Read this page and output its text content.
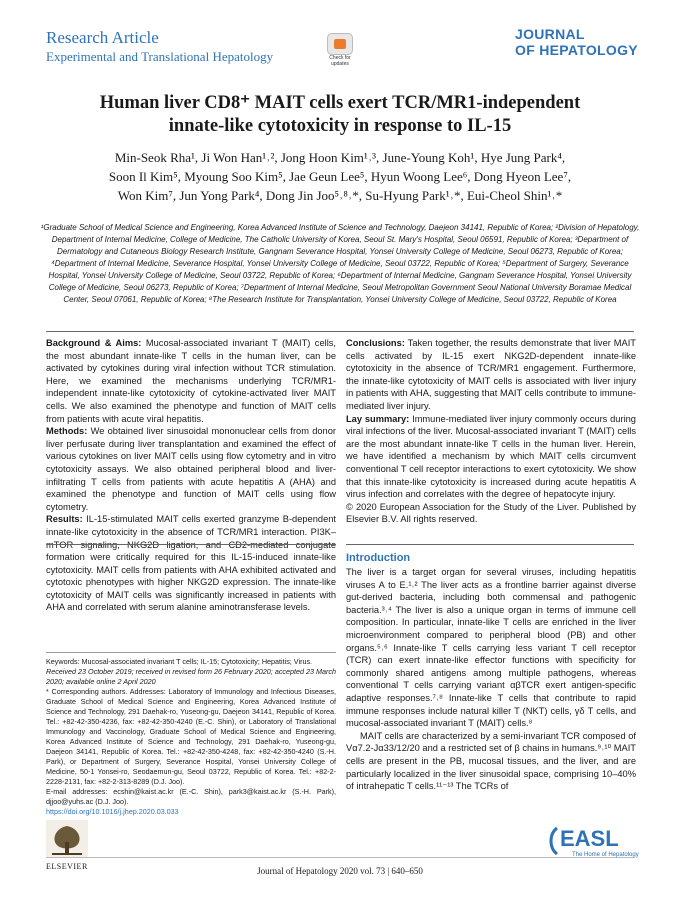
Research Article
Experimental and Translational Hepatology	Check for
updates
JOURNAL
OF HEPATOLOGY
Human liver CD8⁺ MAIT cells exert TCR/MR1-independent
innate-like cytotoxicity in response to IL-15
Min-Seok Rha¹, Ji Won Han¹˒², Jong Hoon Kim¹˒³, June-Young Koh¹, Hye Jung Park⁴,
Soon Il Kim⁵, Myoung Soo Kim⁵, Jae Geun Lee⁵, Hyun Woong Lee⁶, Dong Hyeon Lee⁷,
Won Kim⁷, Jun Yong Park⁴, Dong Jin Joo⁵˒⁸˒*, Su-Hyung Park¹˒*, Eui-Cheol Shin¹˒*
¹Graduate School of Medical Science and Engineering, Korea Advanced Institute of Science and Technology, Daejeon 34141, Republic of Korea; ²Division of Hepatology, Department of Internal Medicine, College of Medicine, The Catholic University of Korea, Seoul St. Mary's Hospital, Seoul 06591, Republic of Korea; ³Department of Dermatology and Cutaneous Biology Research Institute, Gangnam Severance Hospital, Yonsei University College of Medicine, Seoul 06273, Republic of Korea; ⁴Department of Internal Medicine, Severance Hospital, Yonsei University College of Medicine, Seoul 03722, Republic of Korea; ⁵Department of Surgery, Severance Hospital, Yonsei University College of Medicine, Seoul 03722, Republic of Korea; ⁶Department of Internal Medicine, Gangnam Severance Hospital, Yonsei University College of Medicine, Seoul 06273, Republic of Korea; ⁷Department of Internal Medicine, Seoul Metropolitan Government Seoul National University Boramae Medical Center, Seoul 07061, Republic of Korea; ⁸The Research Institute for Transplantation, Yonsei University College of Medicine, Seoul 03722, Republic of Korea

Background & Aims: Mucosal-associated invariant T (MAIT) cells, the most abundant innate-like T cells in the human liver, can be activated by cytokines during viral infection without TCR stimulation. Here, we examined the mechanisms underlying TCR/MR1-independent innate-like cytotoxicity of cytokine-activated liver MAIT cells. We also examined the phenotype and function of MAIT cells from patients with acute viral hepatitis.

Methods: We obtained liver sinusoidal mononuclear cells from donor liver perfusate during liver transplantation and examined the effect of various cytokines on liver MAIT cells using flow cytometry and in vitro cytotoxicity assays. We also obtained peripheral blood and liver-infiltrating T cells from patients with acute hepatitis A (AHA) and examined the phenotype and function of MAIT cells using flow cytometry.

Results: IL-15-stimulated MAIT cells exerted granzyme B-dependent innate-like cytotoxicity in the absence of TCR/MR1 interaction. PI3K– formation were critically required for this IL-15-induced innate-like cytotoxicity. MAIT cells from patients with AHA exhibited activated and cytotoxic phenotypes with higher NKG2D expression. The innate-like cytotoxicity of MAIT cells was significantly increased in patients with AHA and correlated with serum alanine aminotransferase levels.

Conclusions: Taken together, the results demonstrate that liver MAIT cells activated by IL-15 exert NKG2D-dependent innate-like cytotoxicity in the absence of TCR/MR1 engagement. Furthermore, the innate-like cytotoxicity of MAIT cells is associated with liver injury in patients with AHA, suggesting that MAIT cells contribute to immune-mediated liver injury.

Lay summary: Immune-mediated liver injury commonly occurs during viral infections of the liver. Mucosal-associated invariant T (MAIT) cells are the most abundant innate-like T cells in the human liver. Herein, we have identified a mechanism by which MAIT cells circumvent conventional T cell receptor interactions to exert cytotoxicity. We show that this innate-like cytotoxicity is increased during acute hepatitis A virus infection and correlates with the degree of hepatocyte injury.

© 2020 European Association for the Study of the Liver. Published by Elsevier B.V. All rights reserved.

Introduction

The liver is a target organ for several viruses, including hepatitis viruses A to E.¹˒² The liver acts as a frontline barrier against diverse gut-derived bacteria, including both commensal and pathogenic bacteria.³˒⁴ The liver is also a unique organ in terms of immune cell composition. In particular, innate-like T cells are enriched in the liver microenvironment compared to peripheral blood (PB) and other organs.⁵˒⁶ Innate-like T cells carrying less variant T cell receptor (TCR) can exert innate-like effector functions with specificity for commonly shared antigens among multiple pathogens, whereas conventional T cells carrying variant αβTCR exert antigen-specific adaptive responses.⁷˒⁸ Innate-like T cells that contribute to rapid immune responses include natural killer T (NKT) cells, γδ T cells, and mucosal-associated invariant T (MAIT) cells.⁸

MAIT cells are characterized by a semi-invariant TCR composed of Vα7.2-Jα33/12/20 and a restricted set of β chains in humans.⁹˒¹⁰ MAIT cells are present in the PB, mucosal tissues, and the liver, and are particularly localized in the liver sinusoidal space, comprising 10–40% of intrahepatic T cells.¹¹⁻¹³ The TCRs of

Keywords: Mucosal-associated invariant T cells; IL-15; Cytotoxicity; Hepatitis; Virus.

Received 23 October 2019; received in revised form 26 February 2020; accepted 23 March 2020; available online 2 April 2020

* Corresponding authors. Addresses: Laboratory of Immunology and Infectious Diseases, Graduate School of Medical Science and Engineering, Korea Advanced Institute of Science and Technology, 291 Daehak-ro, Yuseong-gu, Daejeon 34141, Republic of Korea. Tel.: +82-42-350-4236, fax: +82-42-350-4240 (E.-C. Shin), or Laboratory of Translational Immunology and Vaccinology, Graduate School of Medical Science and Engineering, Korea Advanced Institute of Science and Technology, 291 Daehak-ro, Yuseong-gu, Daejeon 34141, Republic of Korea. Tel.: +82-42-350-4248, fax: +82-42-350-4240 (S.-H. Park), or Department of Surgery, Severance Hospital, Yonsei University College of Medicine, 50-1 Yonsei-ro, Seodaemun-gu, Seoul 03722, Republic of Korea. Tel.: +82-2-2228-2131, fax: +82-2-313-8289 (D.J. Joo).

E-mail addresses: ecshin@kaist.ac.kr (E.-C. Shin), park3@kaist.ac.kr (S.-H. Park), djjoo@yuhs.ac (D.J. Joo).

https://doi.org/10.1016/j.jhep.2020.03.033

ELSEVIER	Journal of Hepatology 2020 vol. 73 | 640–650
EASL
The Home of Hepatology
